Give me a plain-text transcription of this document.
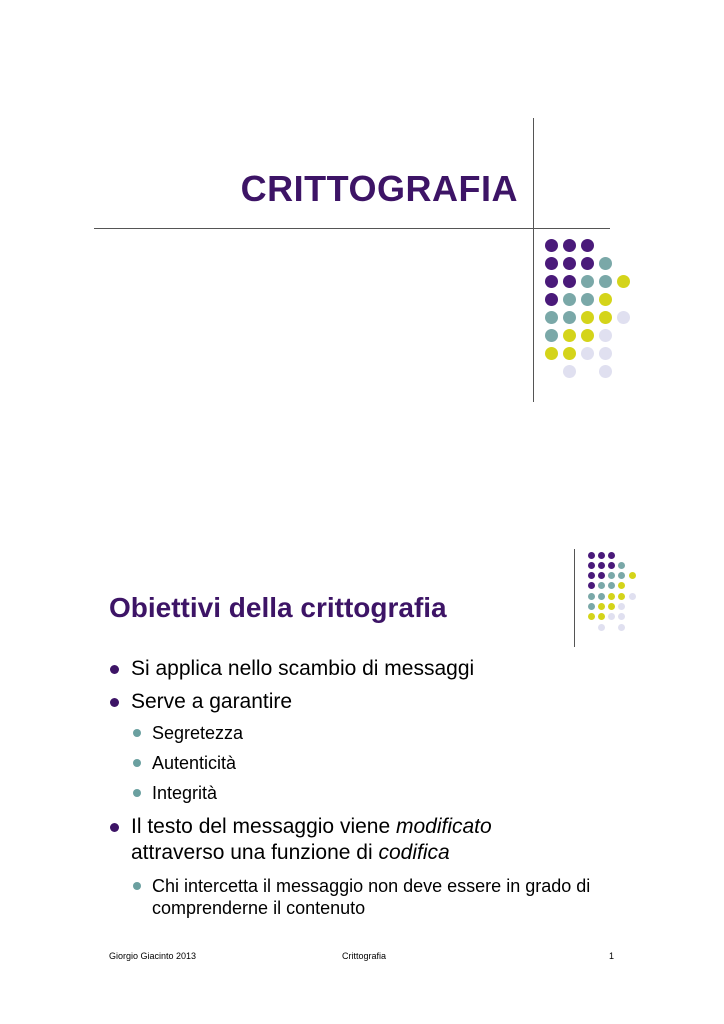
CRITTOGRAFIA
Obiettivi della crittografia
Si applica nello scambio di messaggi
Serve a garantire
Segretezza
Autenticità
Integrità
Il testo del messaggio viene modificato
attraverso una funzione di codifica
Chi intercetta il messaggio non deve essere in grado di comprenderne il contenuto
Giorgio Giacinto 2013	Crittografia	1
